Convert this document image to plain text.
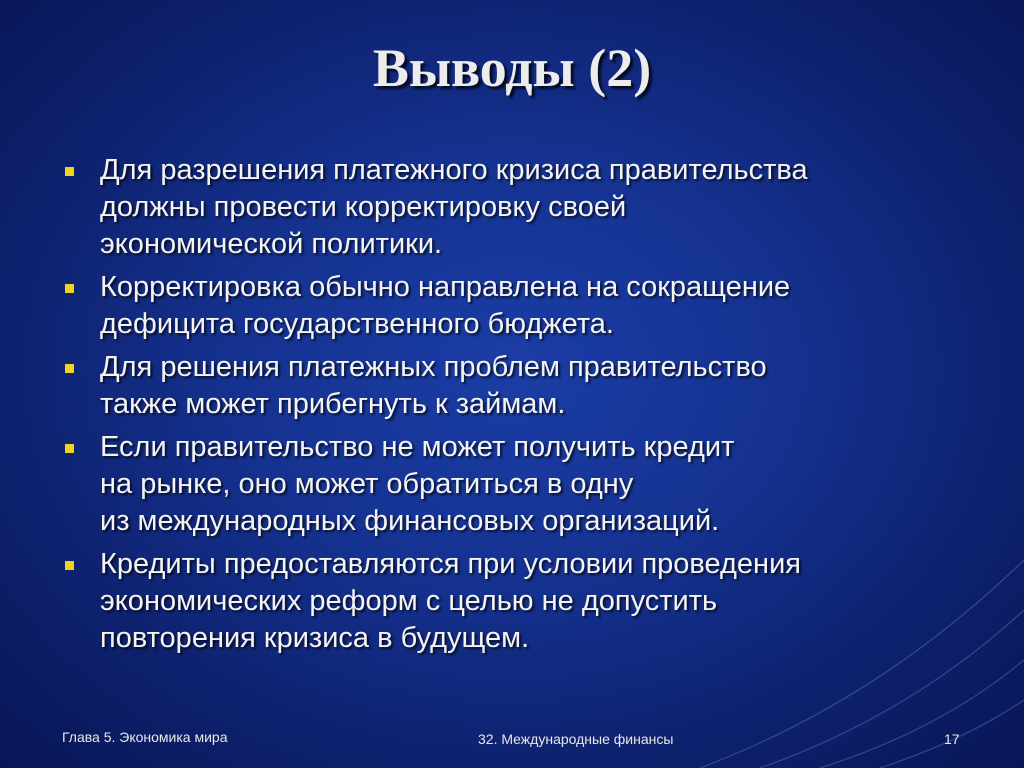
Выводы (2)
Для разрешения платежного кризиса правительства
должны провести корректировку своей
экономической политики.
Корректировка обычно направлена на сокращение
дефицита государственного бюджета.
Для решения платежных проблем правительство
также может прибегнуть к займам.
Если правительство не может получить кредит
на рынке, оно может обратиться в одну
из международных финансовых организаций.
Кредиты предоставляются при условии проведения
экономических реформ с целью не допустить
повторения кризиса в будущем.
Глава 5. Экономика мира	32. Международные финансы	17
